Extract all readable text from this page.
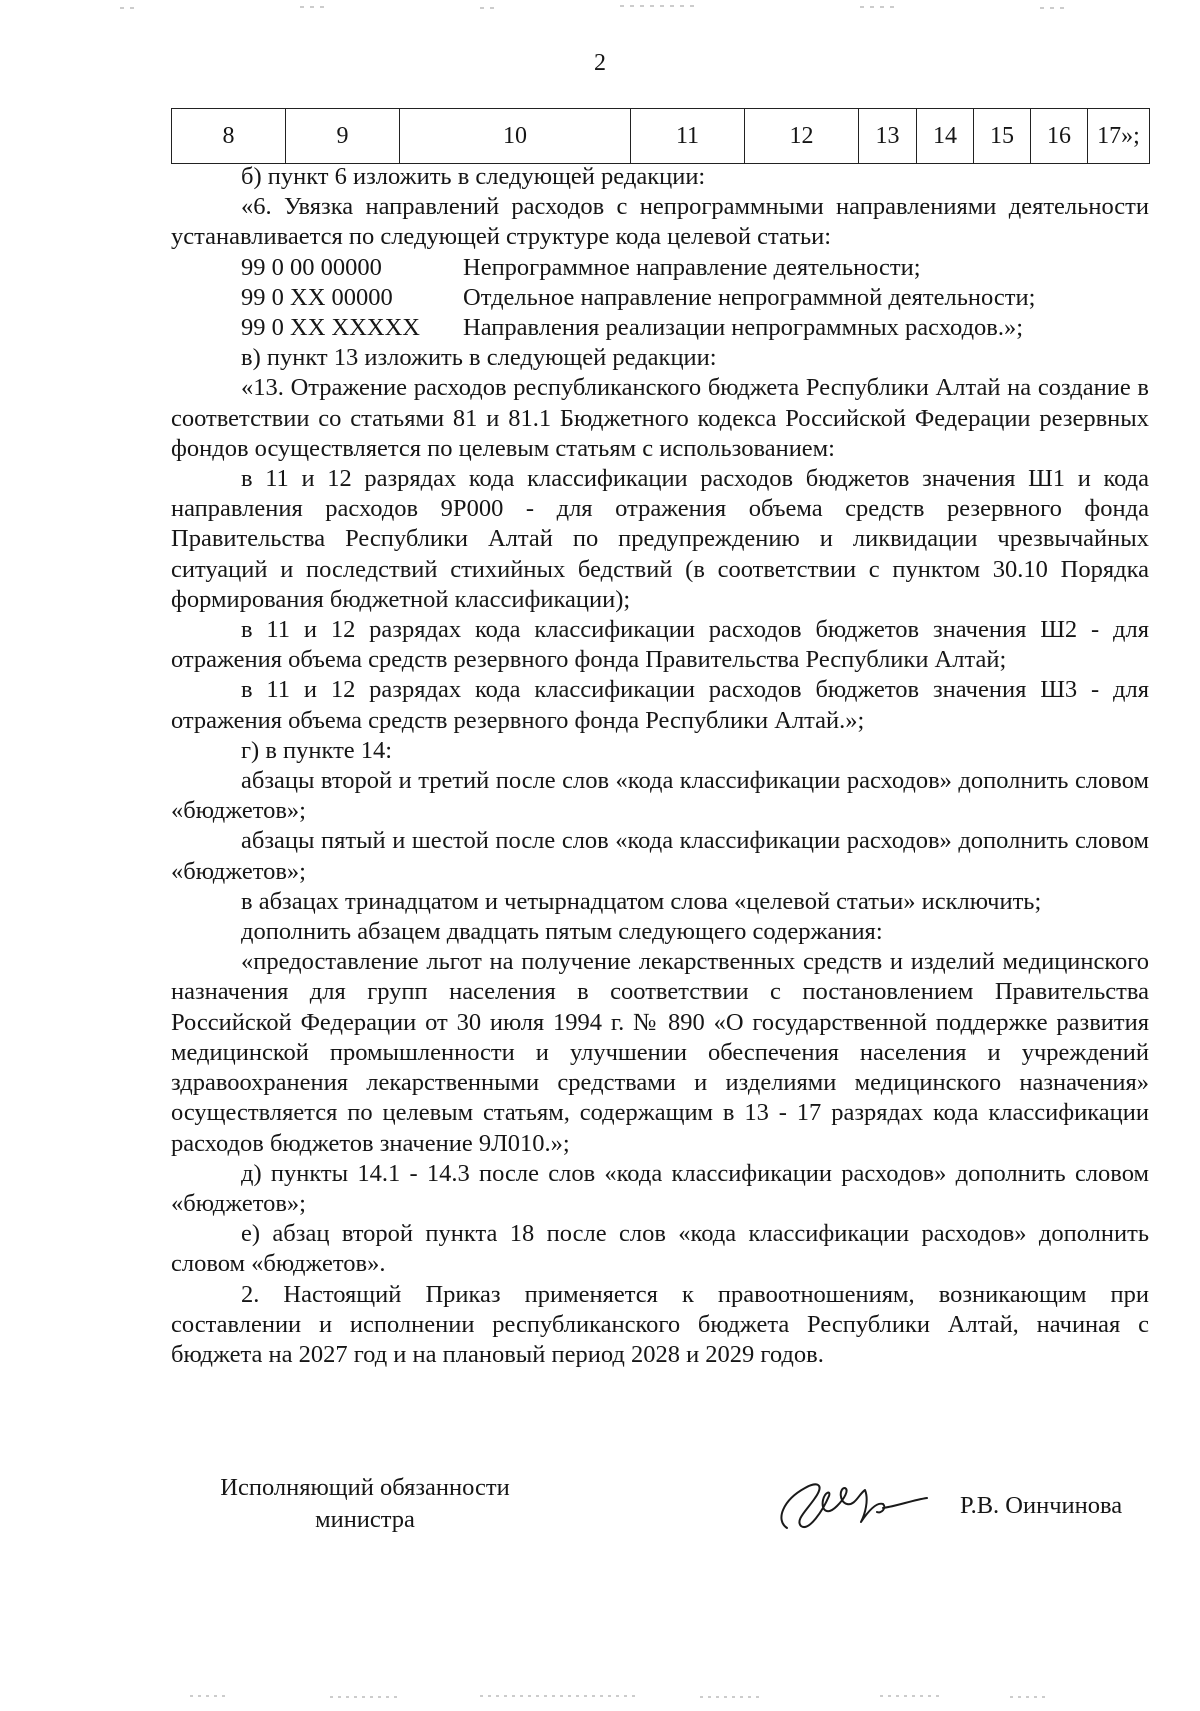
2
8	9	10	11	12	13	14	15	16	17»;

б) пункт 6 изложить в следующей редакции:

«6. Увязка направлений расходов с непрограммными направлениями деятельности устанавливается по следующей структуре кода целевой статьи:

99 0 00 00000	Непрограммное направление деятельности;
99 0 XX 00000	Отдельное направление непрограммной деятельности;
99 0 XX XXXXX	Направления реализации непрограммных расходов.»;

в) пункт 13 изложить в следующей редакции:

«13. Отражение расходов республиканского бюджета Республики Алтай на создание в соответствии со статьями 81 и 81.1 Бюджетного кодекса Российской Федерации резервных фондов осуществляется по целевым статьям с использованием:

в 11 и 12 разрядах кода классификации расходов бюджетов значения Ш1 и кода направления расходов 9Р000 - для отражения объема средств резервного фонда Правительства Республики Алтай по предупреждению и ликвидации чрезвычайных ситуаций и последствий стихийных бедствий (в соответствии с пунктом 30.10 Порядка формирования бюджетной классификации);

в 11 и 12 разрядах кода классификации расходов бюджетов значения Ш2 - для отражения объема средств резервного фонда Правительства Республики Алтай;

в 11 и 12 разрядах кода классификации расходов бюджетов значения Ш3 - для отражения объема средств резервного фонда Республики Алтай.»;

г) в пункте 14:

абзацы второй и третий после слов «кода классификации расходов» дополнить словом «бюджетов»;

абзацы пятый и шестой после слов «кода классификации расходов» дополнить словом «бюджетов»;

в абзацах тринадцатом и четырнадцатом слова «целевой статьи» исключить;

дополнить абзацем двадцать пятым следующего содержания:

«предоставление льгот на получение лекарственных средств и изделий медицинского назначения для групп населения в соответствии с постановлением Правительства Российской Федерации от 30 июля 1994 г. № 890 «О государственной поддержке развития медицинской промышленности и улучшении обеспечения населения и учреждений здравоохранения лекарственными средствами и изделиями медицинского назначения» осуществляется по целевым статьям, содержащим в 13 - 17 разрядах кода классификации расходов бюджетов значение 9Л010.»;

д) пункты 14.1 - 14.3 после слов «кода классификации расходов» дополнить словом «бюджетов»;

е) абзац второй пункта 18 после слов «кода классификации расходов» дополнить словом «бюджетов».

2. Настоящий Приказ применяется к правоотношениям, возникающим при составлении и исполнении республиканского бюджета Республики Алтай, начиная с бюджета на 2027 год и на плановый период 2028 и 2029 годов.

Исполняющий обязанности
министра
Р.В. Оинчинова
